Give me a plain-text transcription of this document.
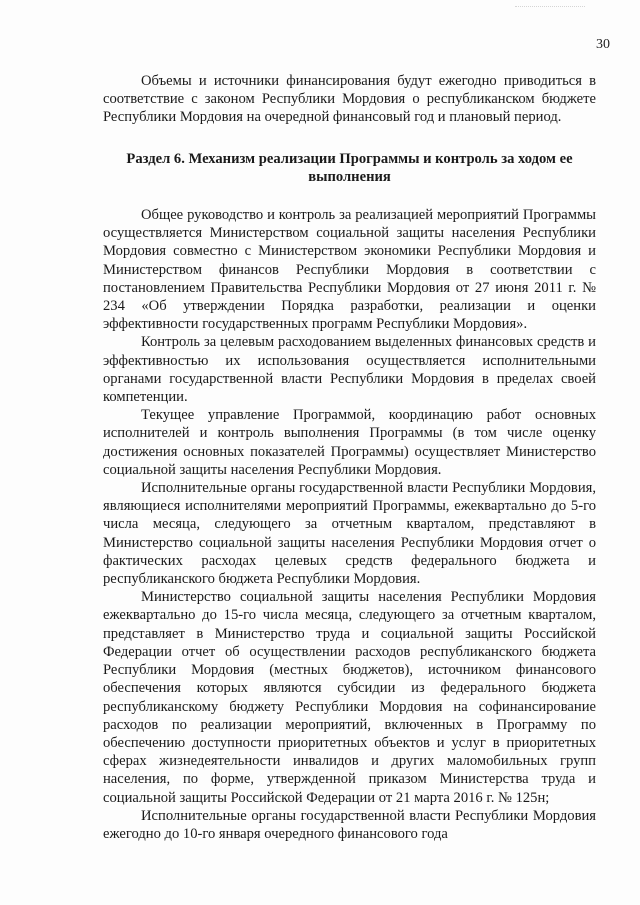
30

Объемы и источники финансирования будут ежегодно приводиться в соответствие с законом Республики Мордовия о республиканском бюджете Республики Мордовия на очередной финансовый год и плановый период.

Раздел 6. Механизм реализации Программы и контроль за ходом ее выполнения

Общее руководство и контроль за реализацией мероприятий Программы осуществляется Министерством социальной защиты населения Республики Мордовия совместно с Министерством экономики Республики Мордовия и Министерством финансов Республики Мордовия в соответствии с постановлением Правительства Республики Мордовия от 27 июня 2011 г. № 234 «Об утверждении Порядка разработки, реализации и оценки эффективности государственных программ Республики Мордовия».

Контроль за целевым расходованием выделенных финансовых средств и эффективностью их использования осуществляется исполнительными органами государственной власти Республики Мордовия в пределах своей компетенции.

Текущее управление Программой, координацию работ основных исполнителей и контроль выполнения Программы (в том числе оценку достижения основных показателей Программы) осуществляет Министерство социальной защиты населения Республики Мордовия.

Исполнительные органы государственной власти Республики Мордовия, являющиеся исполнителями мероприятий Программы, ежеквартально до 5-го числа месяца, следующего за отчетным кварталом, представляют в Министерство социальной защиты населения Республики Мордовия отчет о фактических расходах целевых средств федерального бюджета и республиканского бюджета Республики Мордовия.

Министерство социальной защиты населения Республики Мордовия ежеквартально до 15-го числа месяца, следующего за отчетным кварталом, представляет в Министерство труда и социальной защиты Российской Федерации отчет об осуществлении расходов республиканского бюджета Республики Мордовия (местных бюджетов), источником финансового обеспечения которых являются субсидии из федерального бюджета республиканскому бюджету Республики Мордовия на софинансирование расходов по реализации мероприятий, включенных в Программу по обеспечению доступности приоритетных объектов и услуг в приоритетных сферах жизнедеятельности инвалидов и других маломобильных групп населения, по форме, утвержденной приказом Министерства труда и социальной защиты Российской Федерации от 21 марта 2016 г. № 125н;

Исполнительные органы государственной власти Республики Мордовия ежегодно до 10-го января очередного финансового года
